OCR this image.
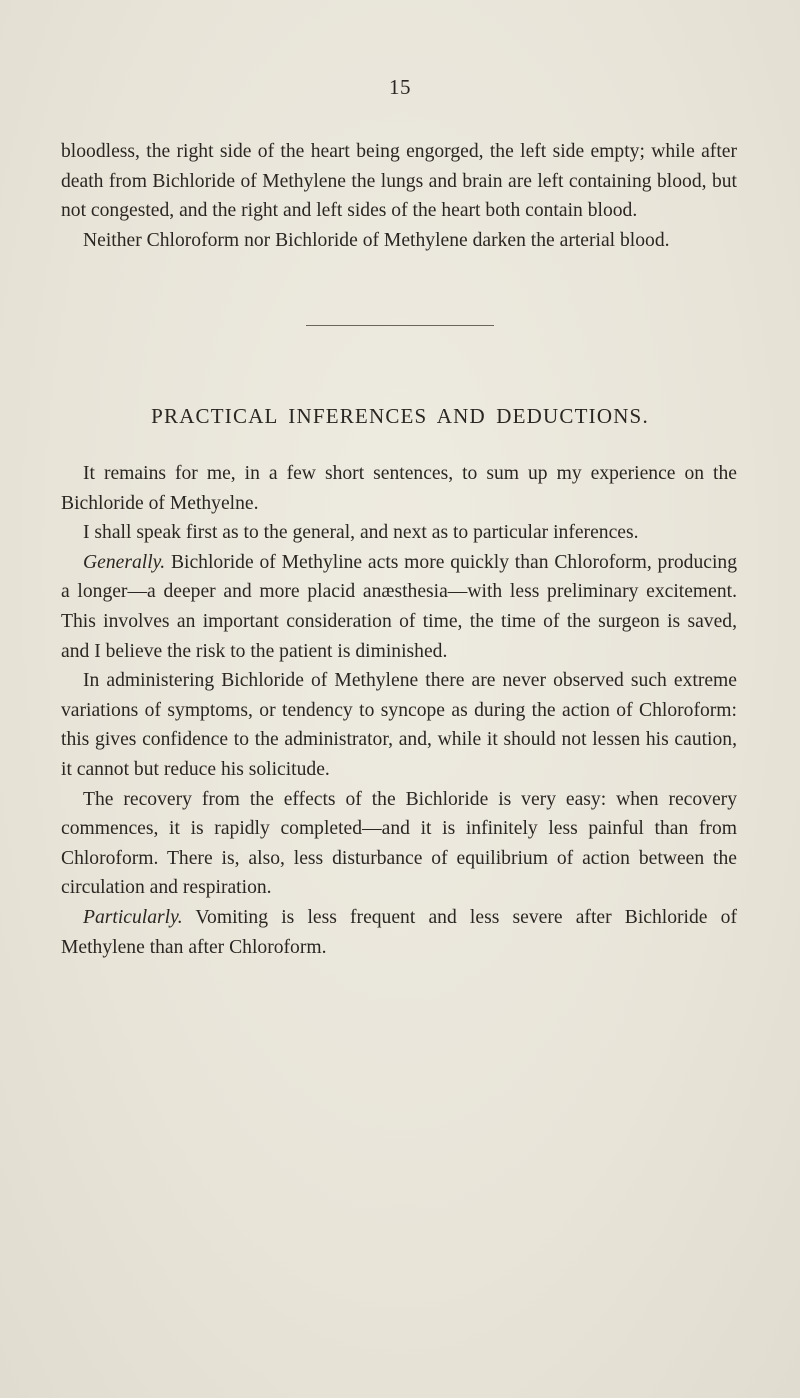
15

bloodless, the right side of the heart being engorged, the left side empty; while after death from Bichloride of Methylene the lungs and brain are left containing blood, but not congested, and the right and left sides of the heart both contain blood.

Neither Chloroform nor Bichloride of Methylene darken the arterial blood.

PRACTICAL INFERENCES AND DEDUCTIONS.

It remains for me, in a few short sentences, to sum up my experience on the Bichloride of Methyelne.

I shall speak first as to the general, and next as to particular inferences.

Generally. Bichloride of Methyline acts more quickly than Chloroform, producing a longer—a deeper and more placid anæsthesia—with less preliminary excitement. This involves an important consideration of time, the time of the surgeon is saved, and I believe the risk to the patient is diminished.

In administering Bichloride of Methylene there are never observed such extreme variations of symptoms, or tendency to syncope as during the action of Chloroform: this gives confidence to the administrator, and, while it should not lessen his caution, it cannot but reduce his solicitude.

The recovery from the effects of the Bichloride is very easy: when recovery commences, it is rapidly completed—and it is infinitely less painful than from Chloroform. There is, also, less disturbance of equilibrium of action between the circulation and respiration.

Particularly. Vomiting is less frequent and less severe after Bichloride of Methylene than after Chloroform.
